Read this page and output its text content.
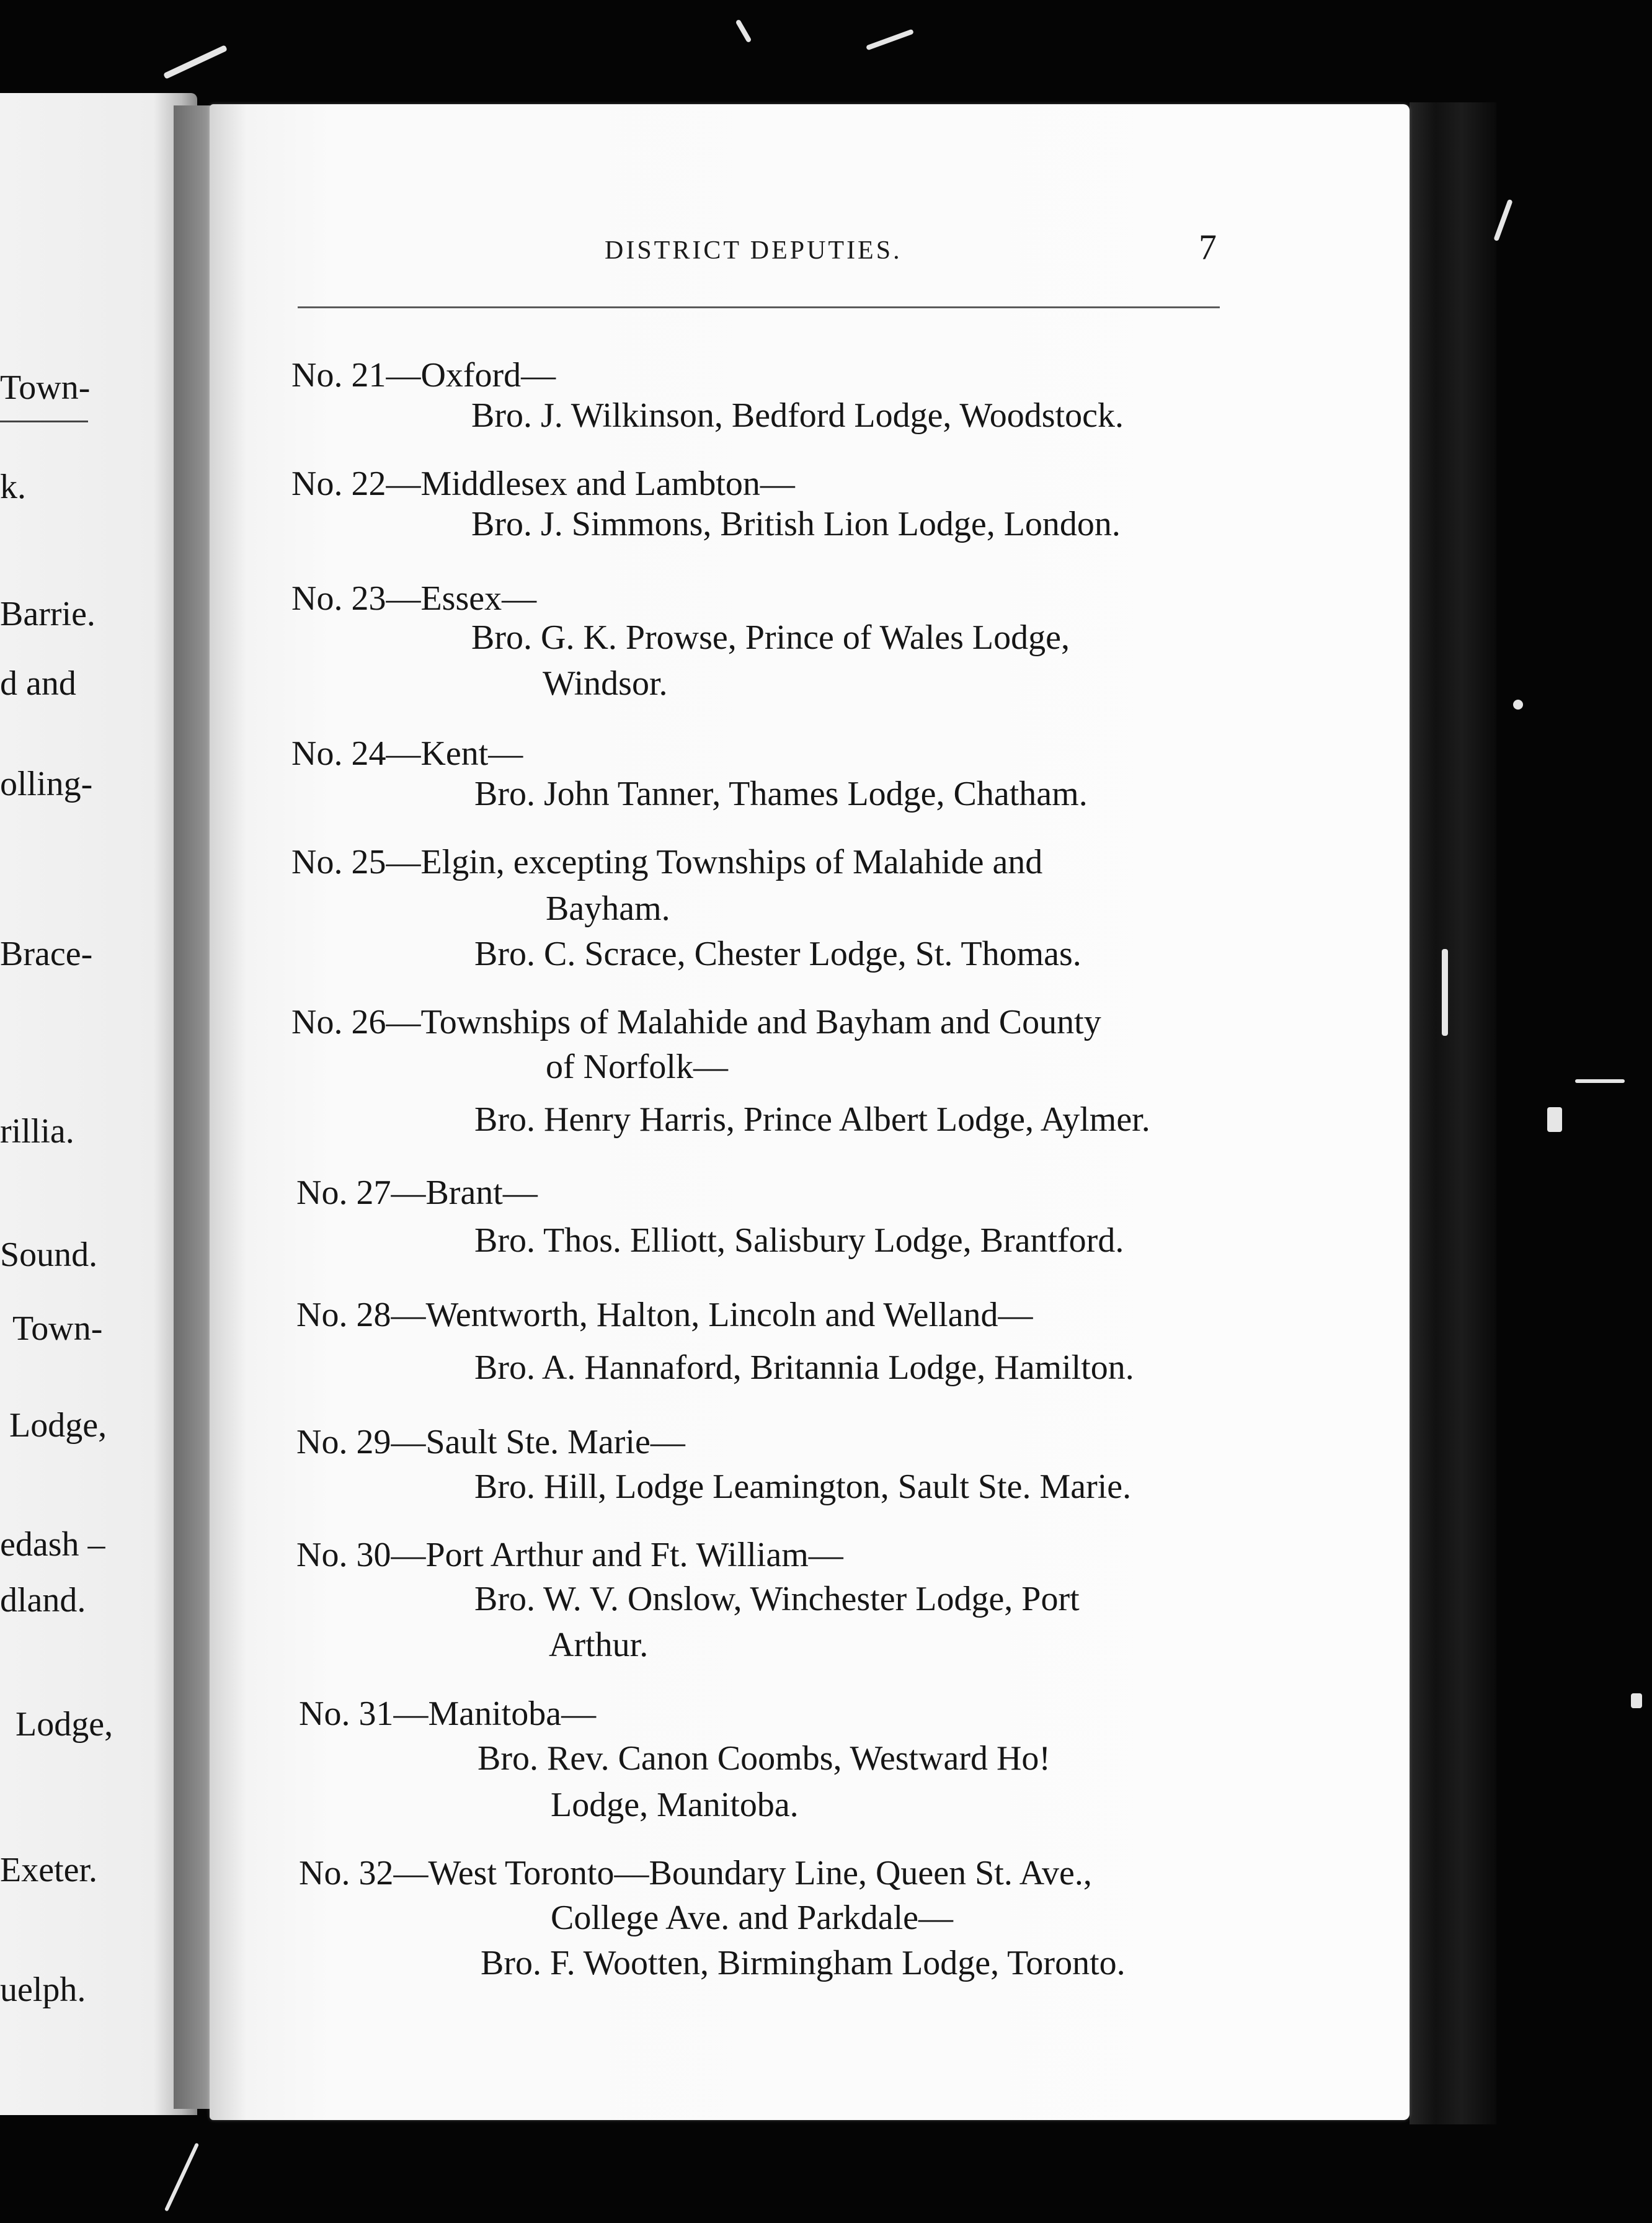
Town-
k.
Barrie.
d and
olling-
Brace-
rillia.
Sound.
Town-
Lodge,
edash –
dland.
Lodge,
Exeter.
uelph.
DISTRICT DEPUTIES.	7
No. 21—Oxford—
Bro. J. Wilkinson, Bedford Lodge, Woodstock.
No. 22—Middlesex and Lambton—
Bro. J. Simmons, British Lion Lodge, London.
No. 23—Essex—
Bro. G. K. Prowse, Prince of Wales Lodge,
Windsor.
No. 24—Kent—
Bro. John Tanner, Thames Lodge, Chatham.
No. 25—Elgin, excepting Townships of Malahide and
Bayham.
Bro. C. Scrace, Chester Lodge, St. Thomas.
No. 26—Townships of Malahide and Bayham and County
of Norfolk—
Bro. Henry Harris, Prince Albert Lodge, Aylmer.
No. 27—Brant—
Bro. Thos. Elliott, Salisbury Lodge, Brantford.
No. 28—Wentworth, Halton, Lincoln and Welland—
Bro. A. Hannaford, Britannia Lodge, Hamilton.
No. 29—Sault Ste. Marie—
Bro. Hill, Lodge Leamington, Sault Ste. Marie.
No. 30—Port Arthur and Ft. William—
Bro. W. V. Onslow, Winchester Lodge, Port
Arthur.
No. 31—Manitoba—
Bro. Rev. Canon Coombs, Westward Ho!
Lodge, Manitoba.
No. 32—West Toronto—Boundary Line, Queen St. Ave.,
College Ave. and Parkdale—
Bro. F. Wootten, Birmingham Lodge, Toronto.
